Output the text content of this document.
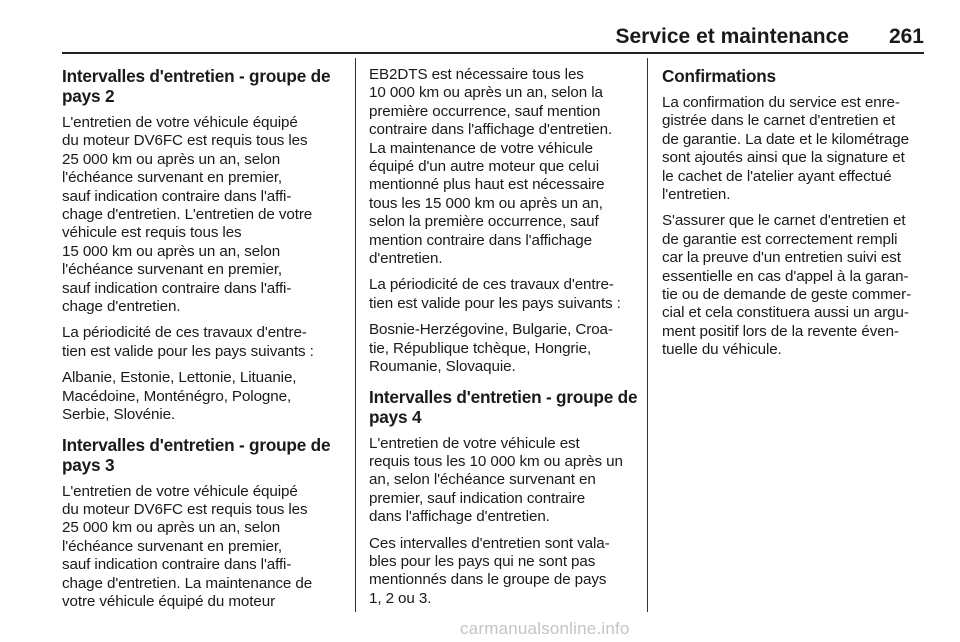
Service et maintenance 261
Intervalles d'entretien - groupe de
pays 2

L'entretien de votre véhicule équipé
du moteur DV6FC est requis tous les
25 000 km ou après un an, selon
l'échéance survenant en premier,
sauf indication contraire dans l'affi-
chage d'entretien. L'entretien de votre
véhicule est requis tous les
15 000 km ou après un an, selon
l'échéance survenant en premier,
sauf indication contraire dans l'affi-
chage d'entretien.

La périodicité de ces travaux d'entre-
tien est valide pour les pays suivants :

Albanie, Estonie, Lettonie, Lituanie,
Macédoine, Monténégro, Pologne,
Serbie, Slovénie.

Intervalles d'entretien - groupe de
pays 3

L'entretien de votre véhicule équipé
du moteur DV6FC est requis tous les
25 000 km ou après un an, selon
l'échéance survenant en premier,
sauf indication contraire dans l'affi-
chage d'entretien. La maintenance de
votre véhicule équipé du moteur

EB2DTS est nécessaire tous les
10 000 km ou après un an, selon la
première occurrence, sauf mention
contraire dans l'affichage d'entretien.
La maintenance de votre véhicule
équipé d'un autre moteur que celui
mentionné plus haut est nécessaire
tous les 15 000 km ou après un an,
selon la première occurrence, sauf
mention contraire dans l'affichage
d'entretien.

La périodicité de ces travaux d'entre-
tien est valide pour les pays suivants :

Bosnie-Herzégovine, Bulgarie, Croa-
tie, République tchèque, Hongrie,
Roumanie, Slovaquie.

Intervalles d'entretien - groupe de
pays 4

L'entretien de votre véhicule est
requis tous les 10 000 km ou après un
an, selon l'échéance survenant en
premier, sauf indication contraire
dans l'affichage d'entretien.

Ces intervalles d'entretien sont vala-
bles pour les pays qui ne sont pas
mentionnés dans le groupe de pays
1, 2 ou 3.

Confirmations

La confirmation du service est enre-
gistrée dans le carnet d'entretien et
de garantie. La date et le kilométrage
sont ajoutés ainsi que la signature et
le cachet de l'atelier ayant effectué
l'entretien.

S'assurer que le carnet d'entretien et
de garantie est correctement rempli
car la preuve d'un entretien suivi est
essentielle en cas d'appel à la garan-
tie ou de demande de geste commer-
cial et cela constituera aussi un argu-
ment positif lors de la revente éven-
tuelle du véhicule.

carmanualsonline.info
